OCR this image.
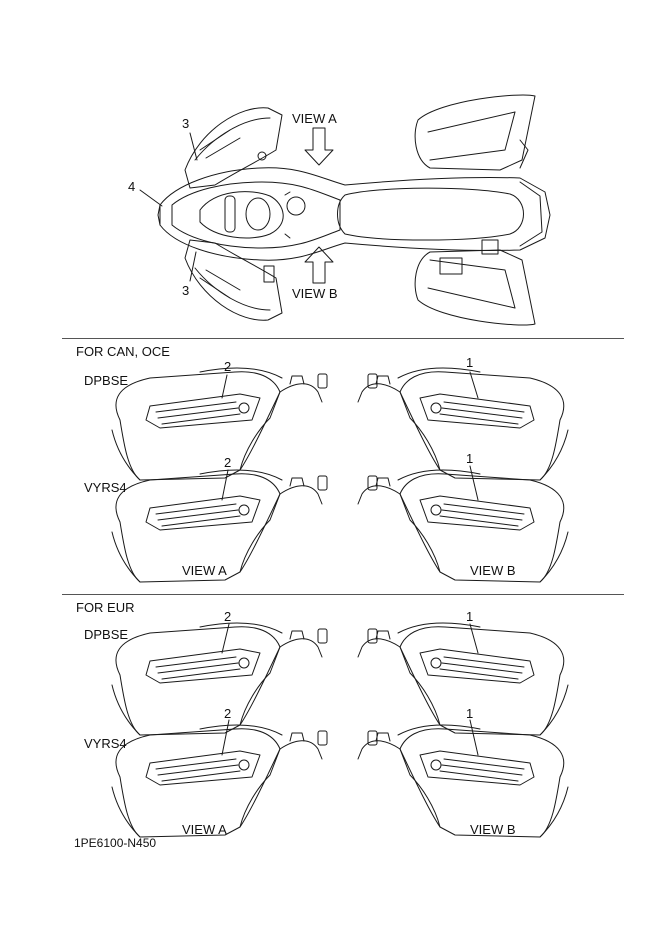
VIEW A
VIEW B
3
3
4
FOR CAN, OCE
DPBSE
2	1
VYRS4
2	1
VIEW A	VIEW B
FOR EUR
DPBSE
2	1
VYRS4
2	1
VIEW A	VIEW B
1PE6100-N450
